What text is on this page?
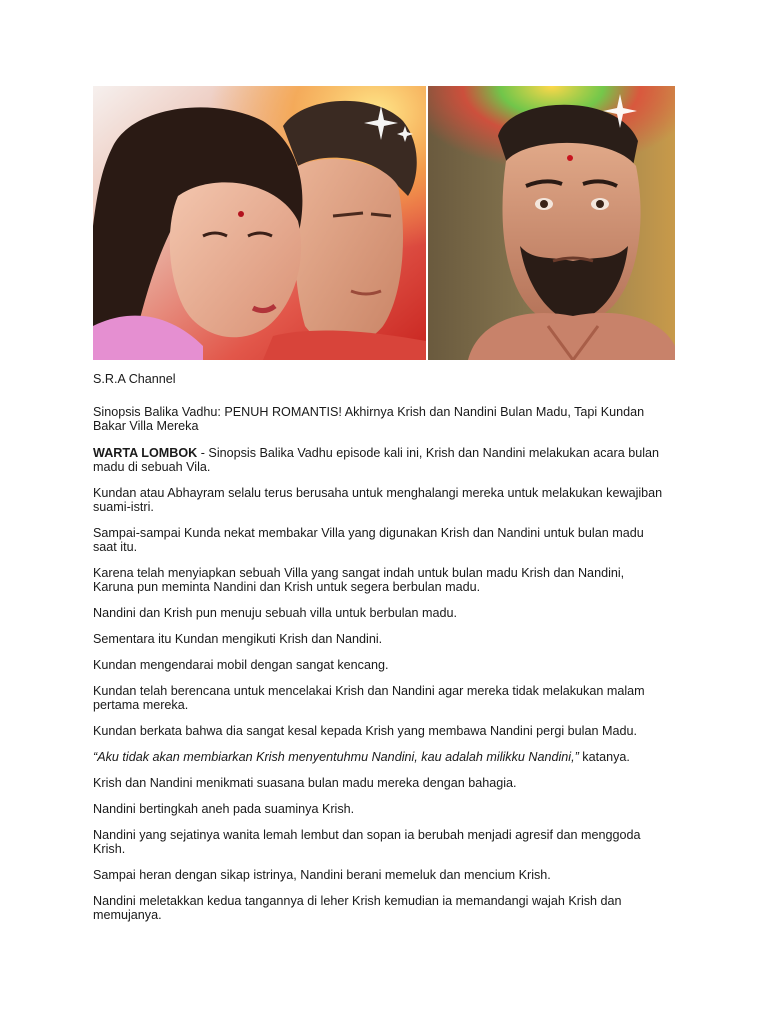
S.R.A Channel

Sinopsis Balika Vadhu: PENUH ROMANTIS! Akhirnya Krish dan Nandini Bulan Madu, Tapi Kundan Bakar Villa Mereka

WARTA LOMBOK - Sinopsis Balika Vadhu episode kali ini, Krish dan Nandini melakukan acara bulan madu di sebuah Vila.

Kundan atau Abhayram selalu terus berusaha untuk menghalangi mereka untuk melakukan kewajiban suami-istri.

Sampai-sampai Kunda nekat membakar Villa yang digunakan Krish dan Nandini untuk bulan madu saat itu.

Karena telah menyiapkan sebuah Villa yang sangat indah untuk bulan madu Krish dan Nandini, Karuna pun meminta Nandini dan Krish untuk segera berbulan madu.

Nandini dan Krish pun menuju sebuah villa untuk berbulan madu.

Sementara itu Kundan mengikuti Krish dan Nandini.

Kundan mengendarai mobil dengan sangat kencang.

Kundan telah berencana untuk mencelakai Krish dan Nandini agar mereka tidak melakukan malam pertama mereka.

Kundan berkata bahwa dia sangat kesal kepada Krish yang membawa Nandini pergi bulan Madu.

“Aku tidak akan membiarkan Krish menyentuhmu Nandini, kau adalah milikku Nandini,” katanya.

Krish dan Nandini menikmati suasana bulan madu mereka dengan bahagia.

Nandini bertingkah aneh pada suaminya Krish.

Nandini yang sejatinya wanita lemah lembut dan sopan ia berubah menjadi agresif dan menggoda Krish.

Sampai heran dengan sikap istrinya, Nandini berani memeluk dan mencium Krish.

Nandini meletakkan kedua tangannya di leher Krish kemudian ia memandangi wajah Krish dan memujanya.
